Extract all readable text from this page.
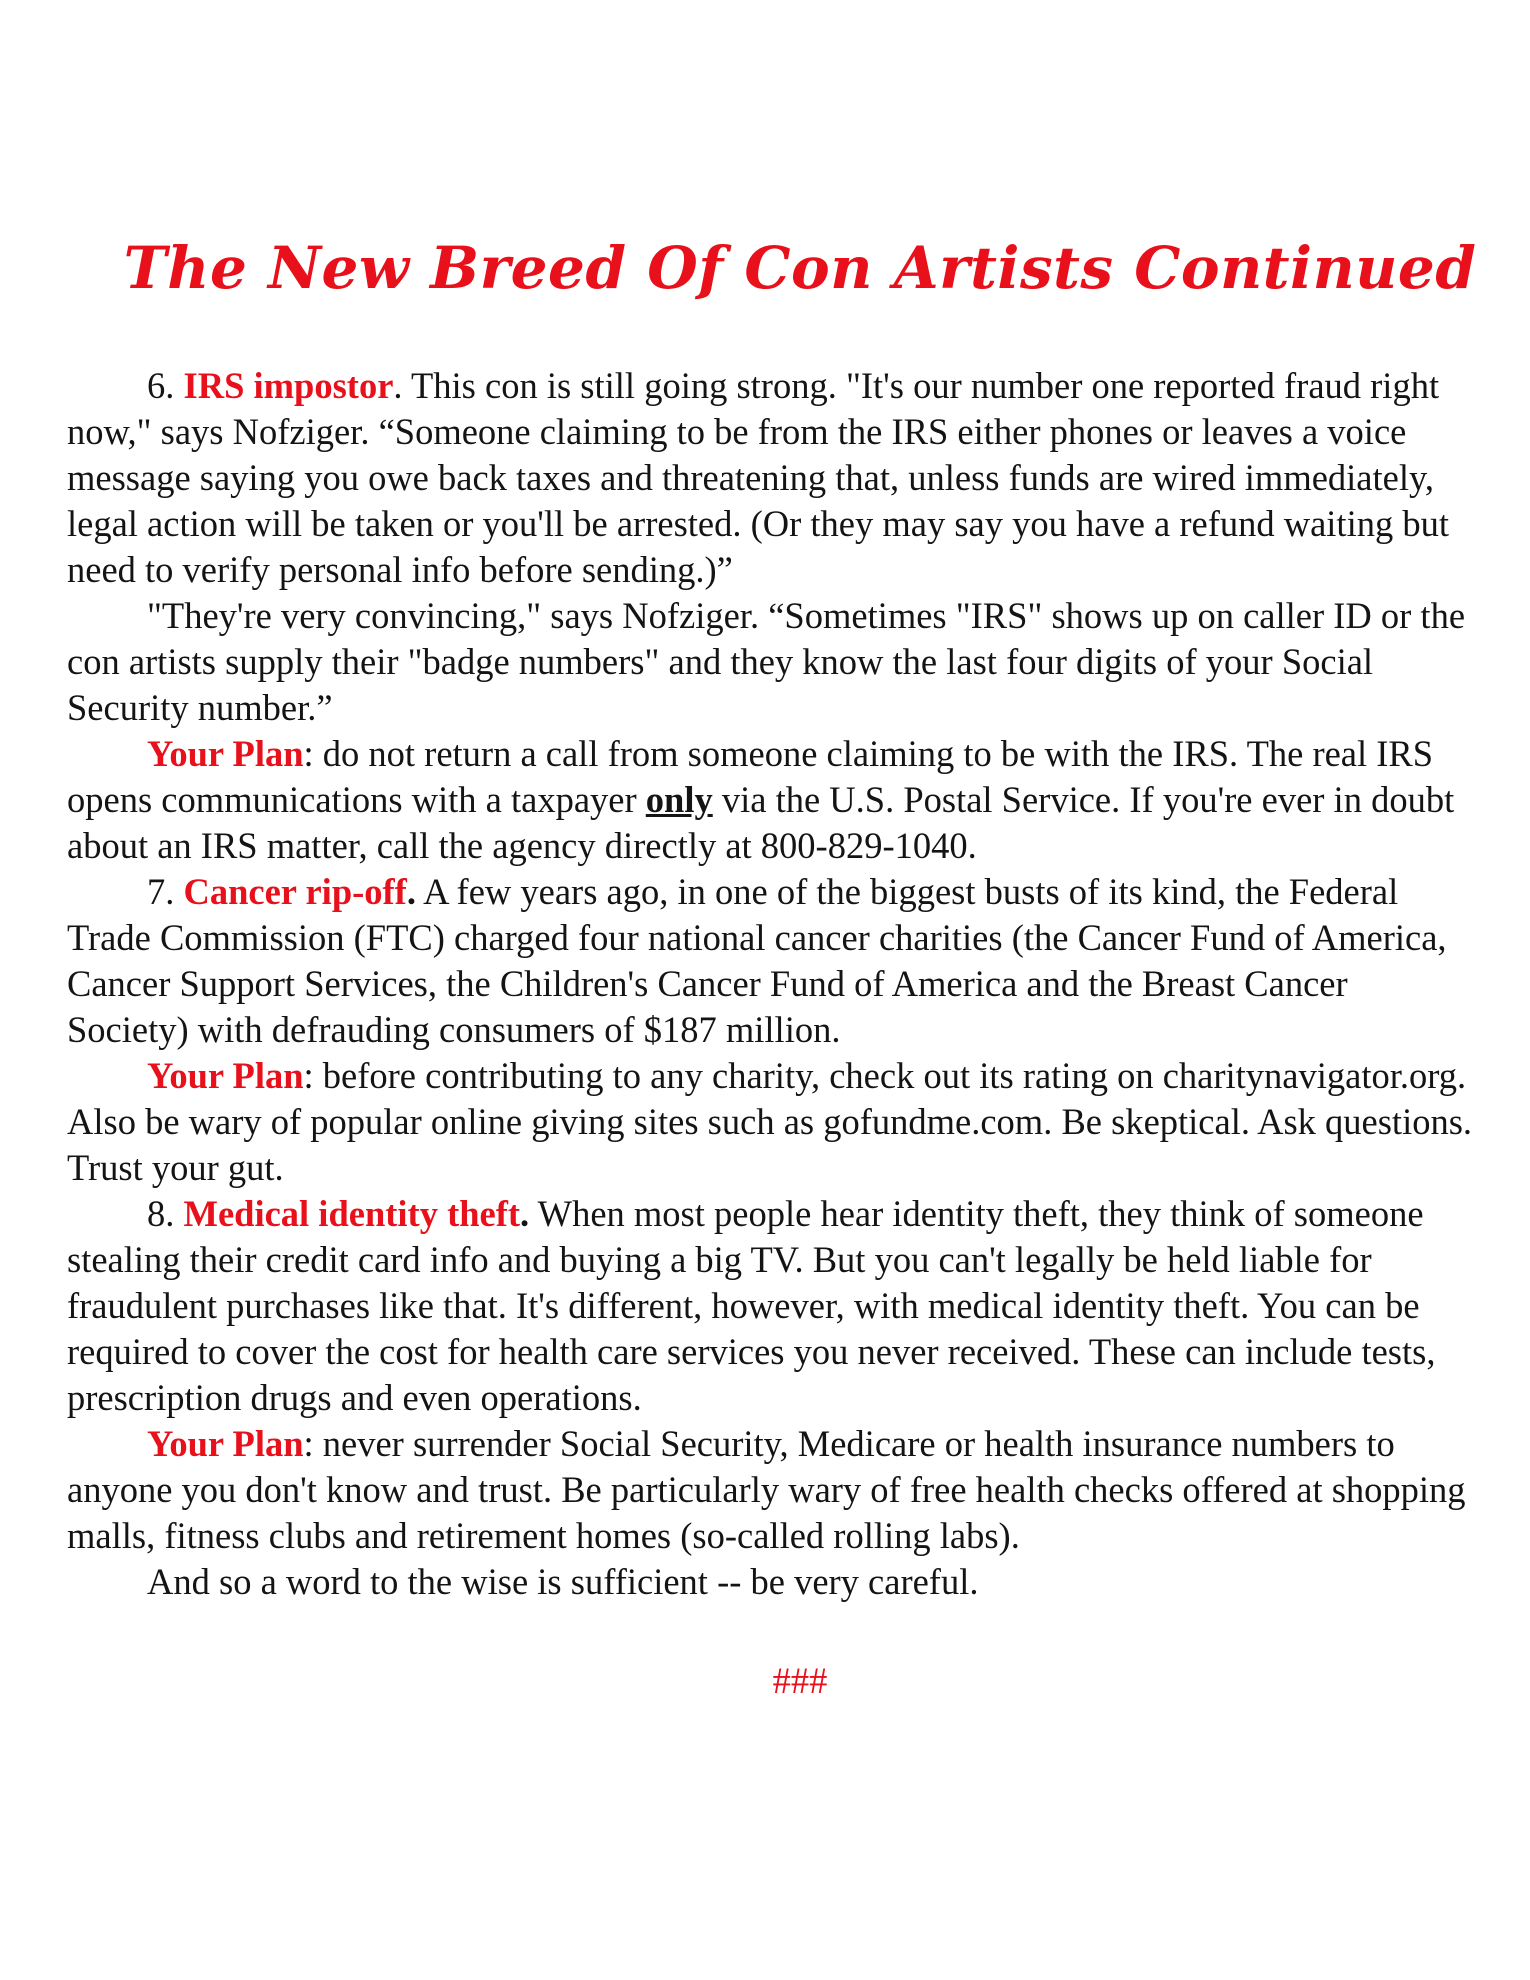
The New Breed Of Con Artists Continued

6. IRS impostor. This con is still going strong. "It's our number one reported fraud right now," says Nofziger. “Someone claiming to be from the IRS either phones or leaves a voice message saying you owe back taxes and threatening that, unless funds are wired immediately, legal action will be taken or you'll be arrested. (Or they may say you have a refund waiting but need to verify personal info before sending.)”

"They're very convincing," says Nofziger. “Sometimes "IRS" shows up on caller ID or the con artists supply their "badge numbers" and they know the last four digits of your Social Security number.”

Your Plan: do not return a call from someone claiming to be with the IRS. The real IRS opens communications with a taxpayer only via the U.S. Postal Service. If you're ever in doubt about an IRS matter, call the agency directly at 800-829-1040.

7. Cancer rip-off. A few years ago, in one of the biggest busts of its kind, the Federal Trade Commission (FTC) charged four national cancer charities (the Cancer Fund of America, Cancer Support Services, the Children's Cancer Fund of America and the Breast Cancer Society) with defrauding consumers of $187 million.

Your Plan: before contributing to any charity, check out its rating on charitynavigator.org. Also be wary of popular online giving sites such as gofundme.com. Be skeptical. Ask questions. Trust your gut.

8. Medical identity theft. When most people hear identity theft, they think of someone stealing their credit card info and buying a big TV. But you can't legally be held liable for fraudulent purchases like that. It's different, however, with medical identity theft. You can be required to cover the cost for health care services you never received. These can include tests, prescription drugs and even operations.

Your Plan: never surrender Social Security, Medicare or health insurance numbers to anyone you don't know and trust. Be particularly wary of free health checks offered at shopping malls, fitness clubs and retirement homes (so-called rolling labs).

And so a word to the wise is sufficient -- be very careful.

###
